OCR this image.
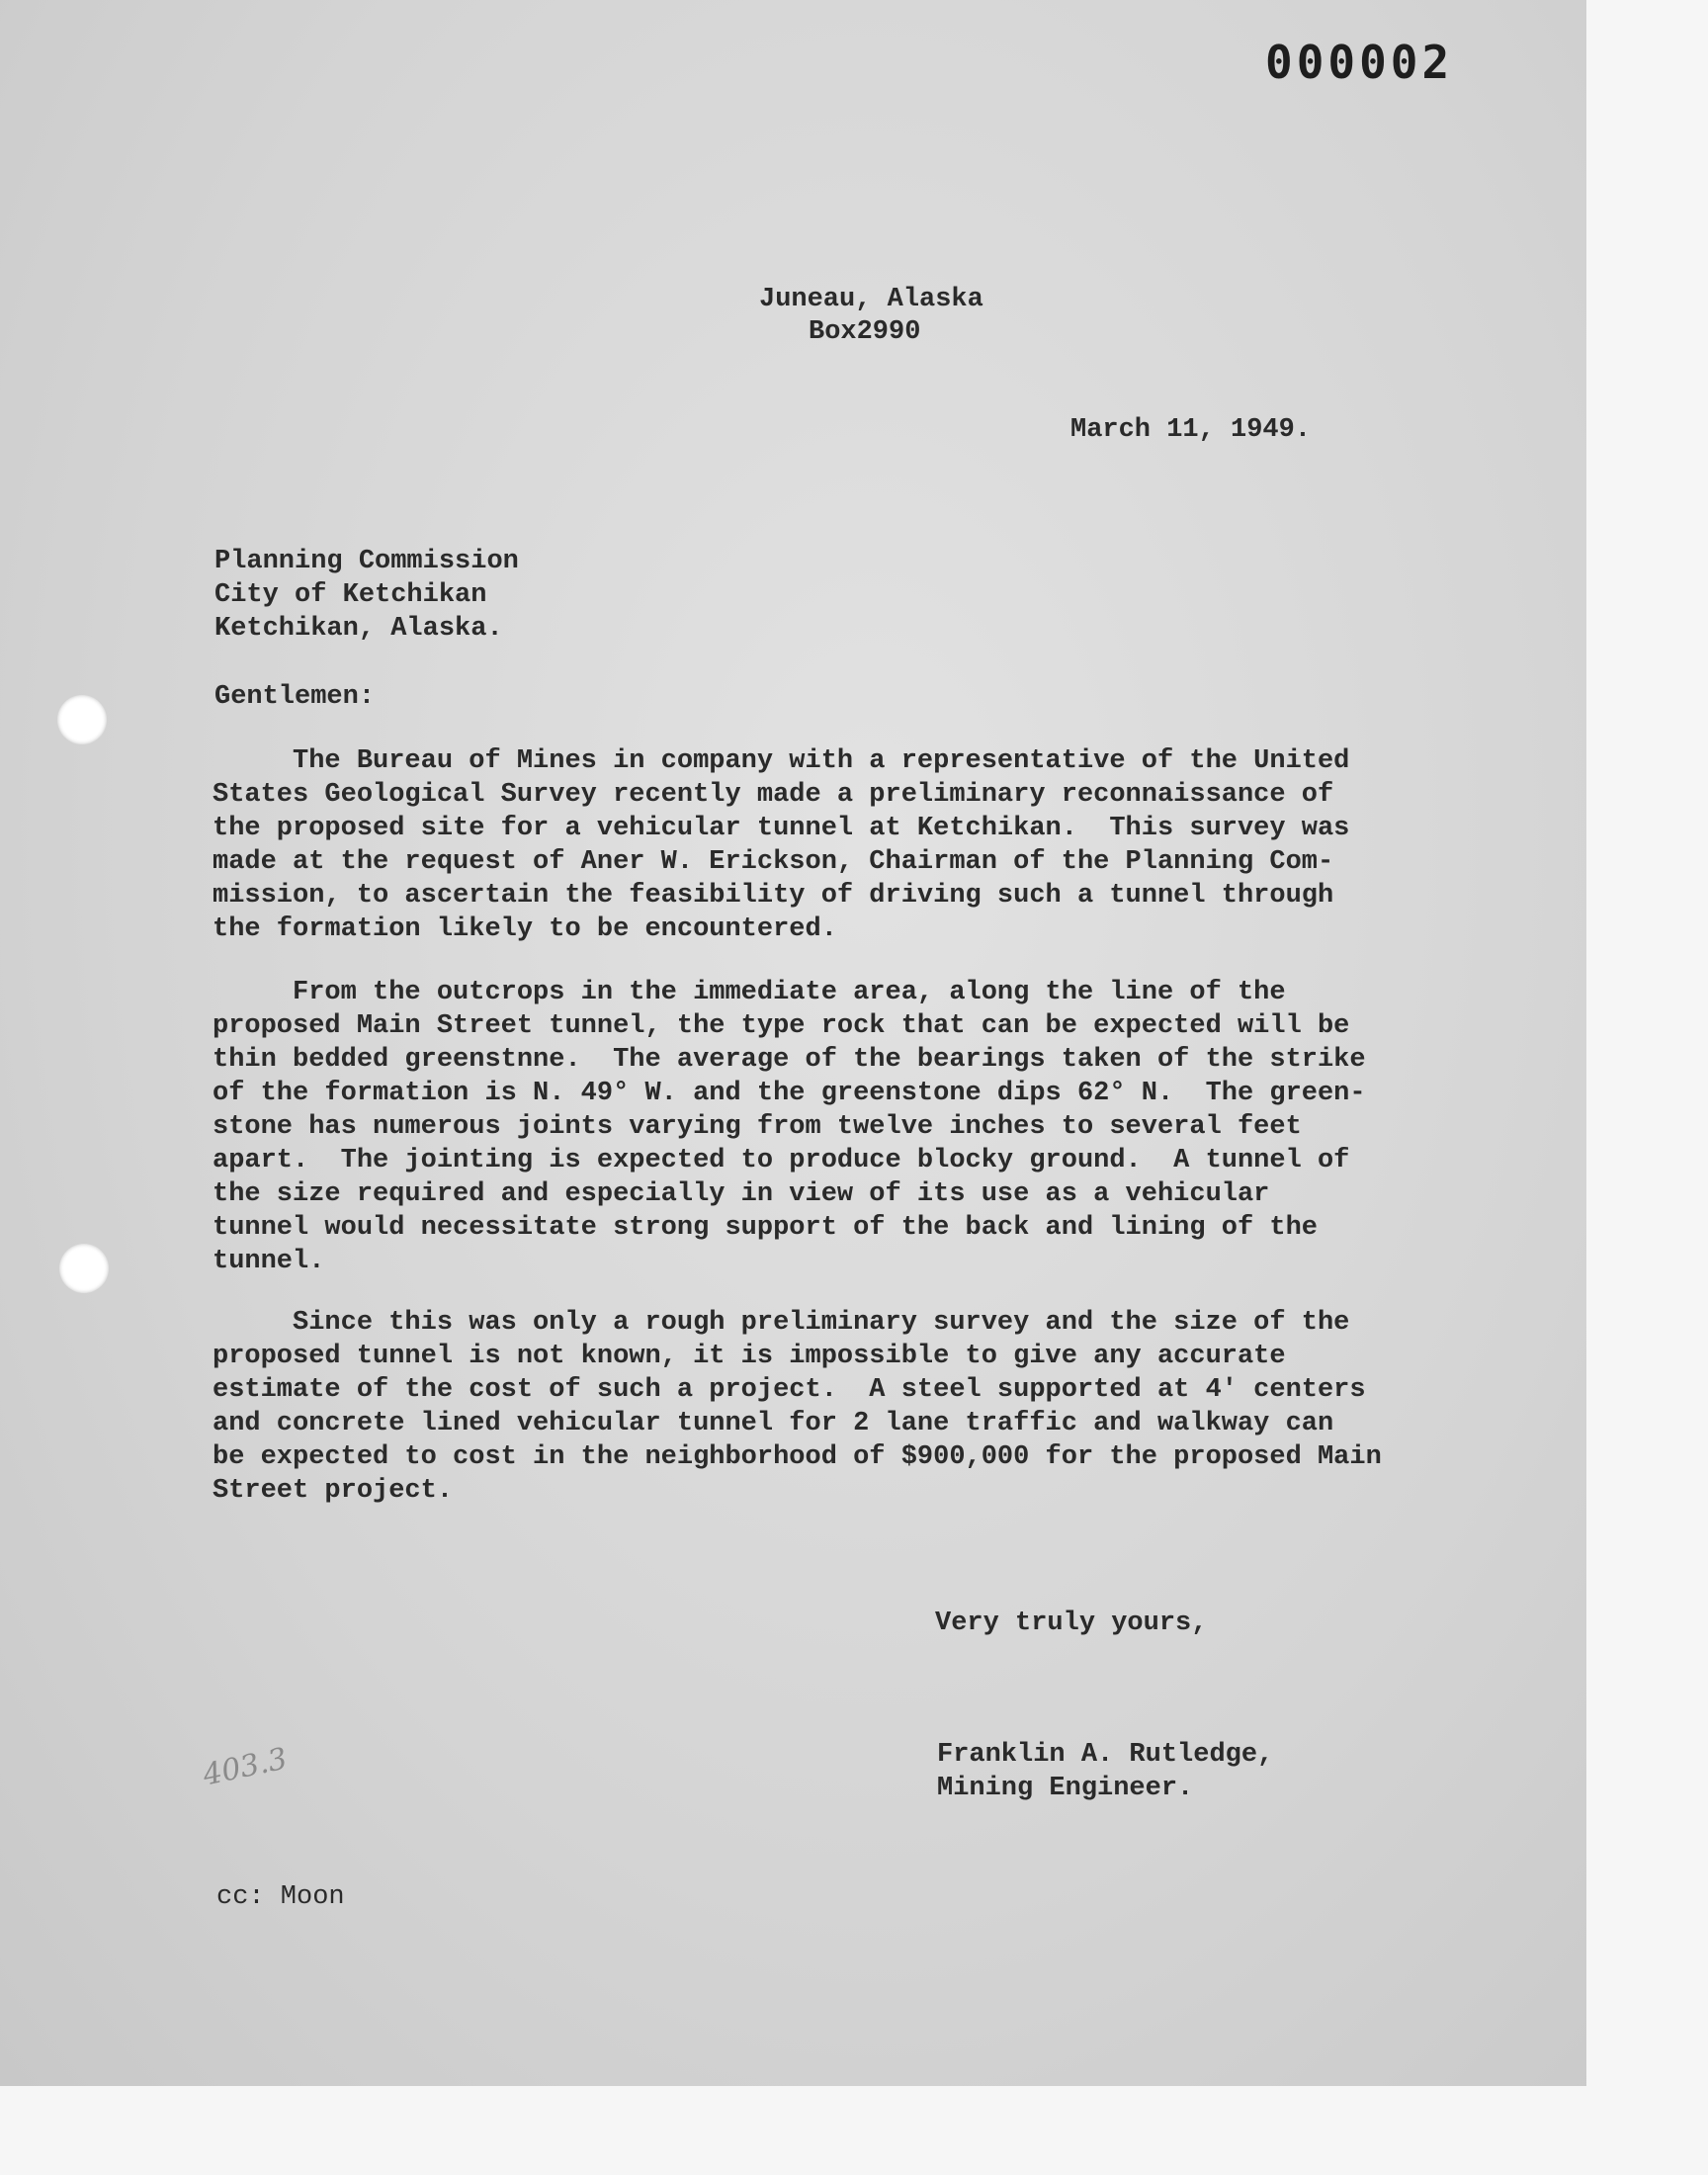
000002
Juneau, Alaska
Box2990
March 11, 1949.
Planning Commission
City of Ketchikan
Ketchikan, Alaska.
Gentlemen:
The Bureau of Mines in company with a representative of the United
States Geological Survey recently made a preliminary reconnaissance of
the proposed site for a vehicular tunnel at Ketchikan.  This survey was
made at the request of Aner W. Erickson, Chairman of the Planning Com-
mission, to ascertain the feasibility of driving such a tunnel through
the formation likely to be encountered.
From the outcrops in the immediate area, along the line of the
proposed Main Street tunnel, the type rock that can be expected will be
thin bedded greenstnne.  The average of the bearings taken of the strike
of the formation is N. 49° W. and the greenstone dips 62° N.  The green-
stone has numerous joints varying from twelve inches to several feet
apart.  The jointing is expected to produce blocky ground.  A tunnel of
the size required and especially in view of its use as a vehicular
tunnel would necessitate strong support of the back and lining of the
tunnel.
Since this was only a rough preliminary survey and the size of the
proposed tunnel is not known, it is impossible to give any accurate
estimate of the cost of such a project.  A steel supported at 4' centers
and concrete lined vehicular tunnel for 2 lane traffic and walkway can
be expected to cost in the neighborhood of $900,000 for the proposed Main
Street project.
Very truly yours,
Franklin A. Rutledge,
Mining Engineer.
403.3
cc: Moon
